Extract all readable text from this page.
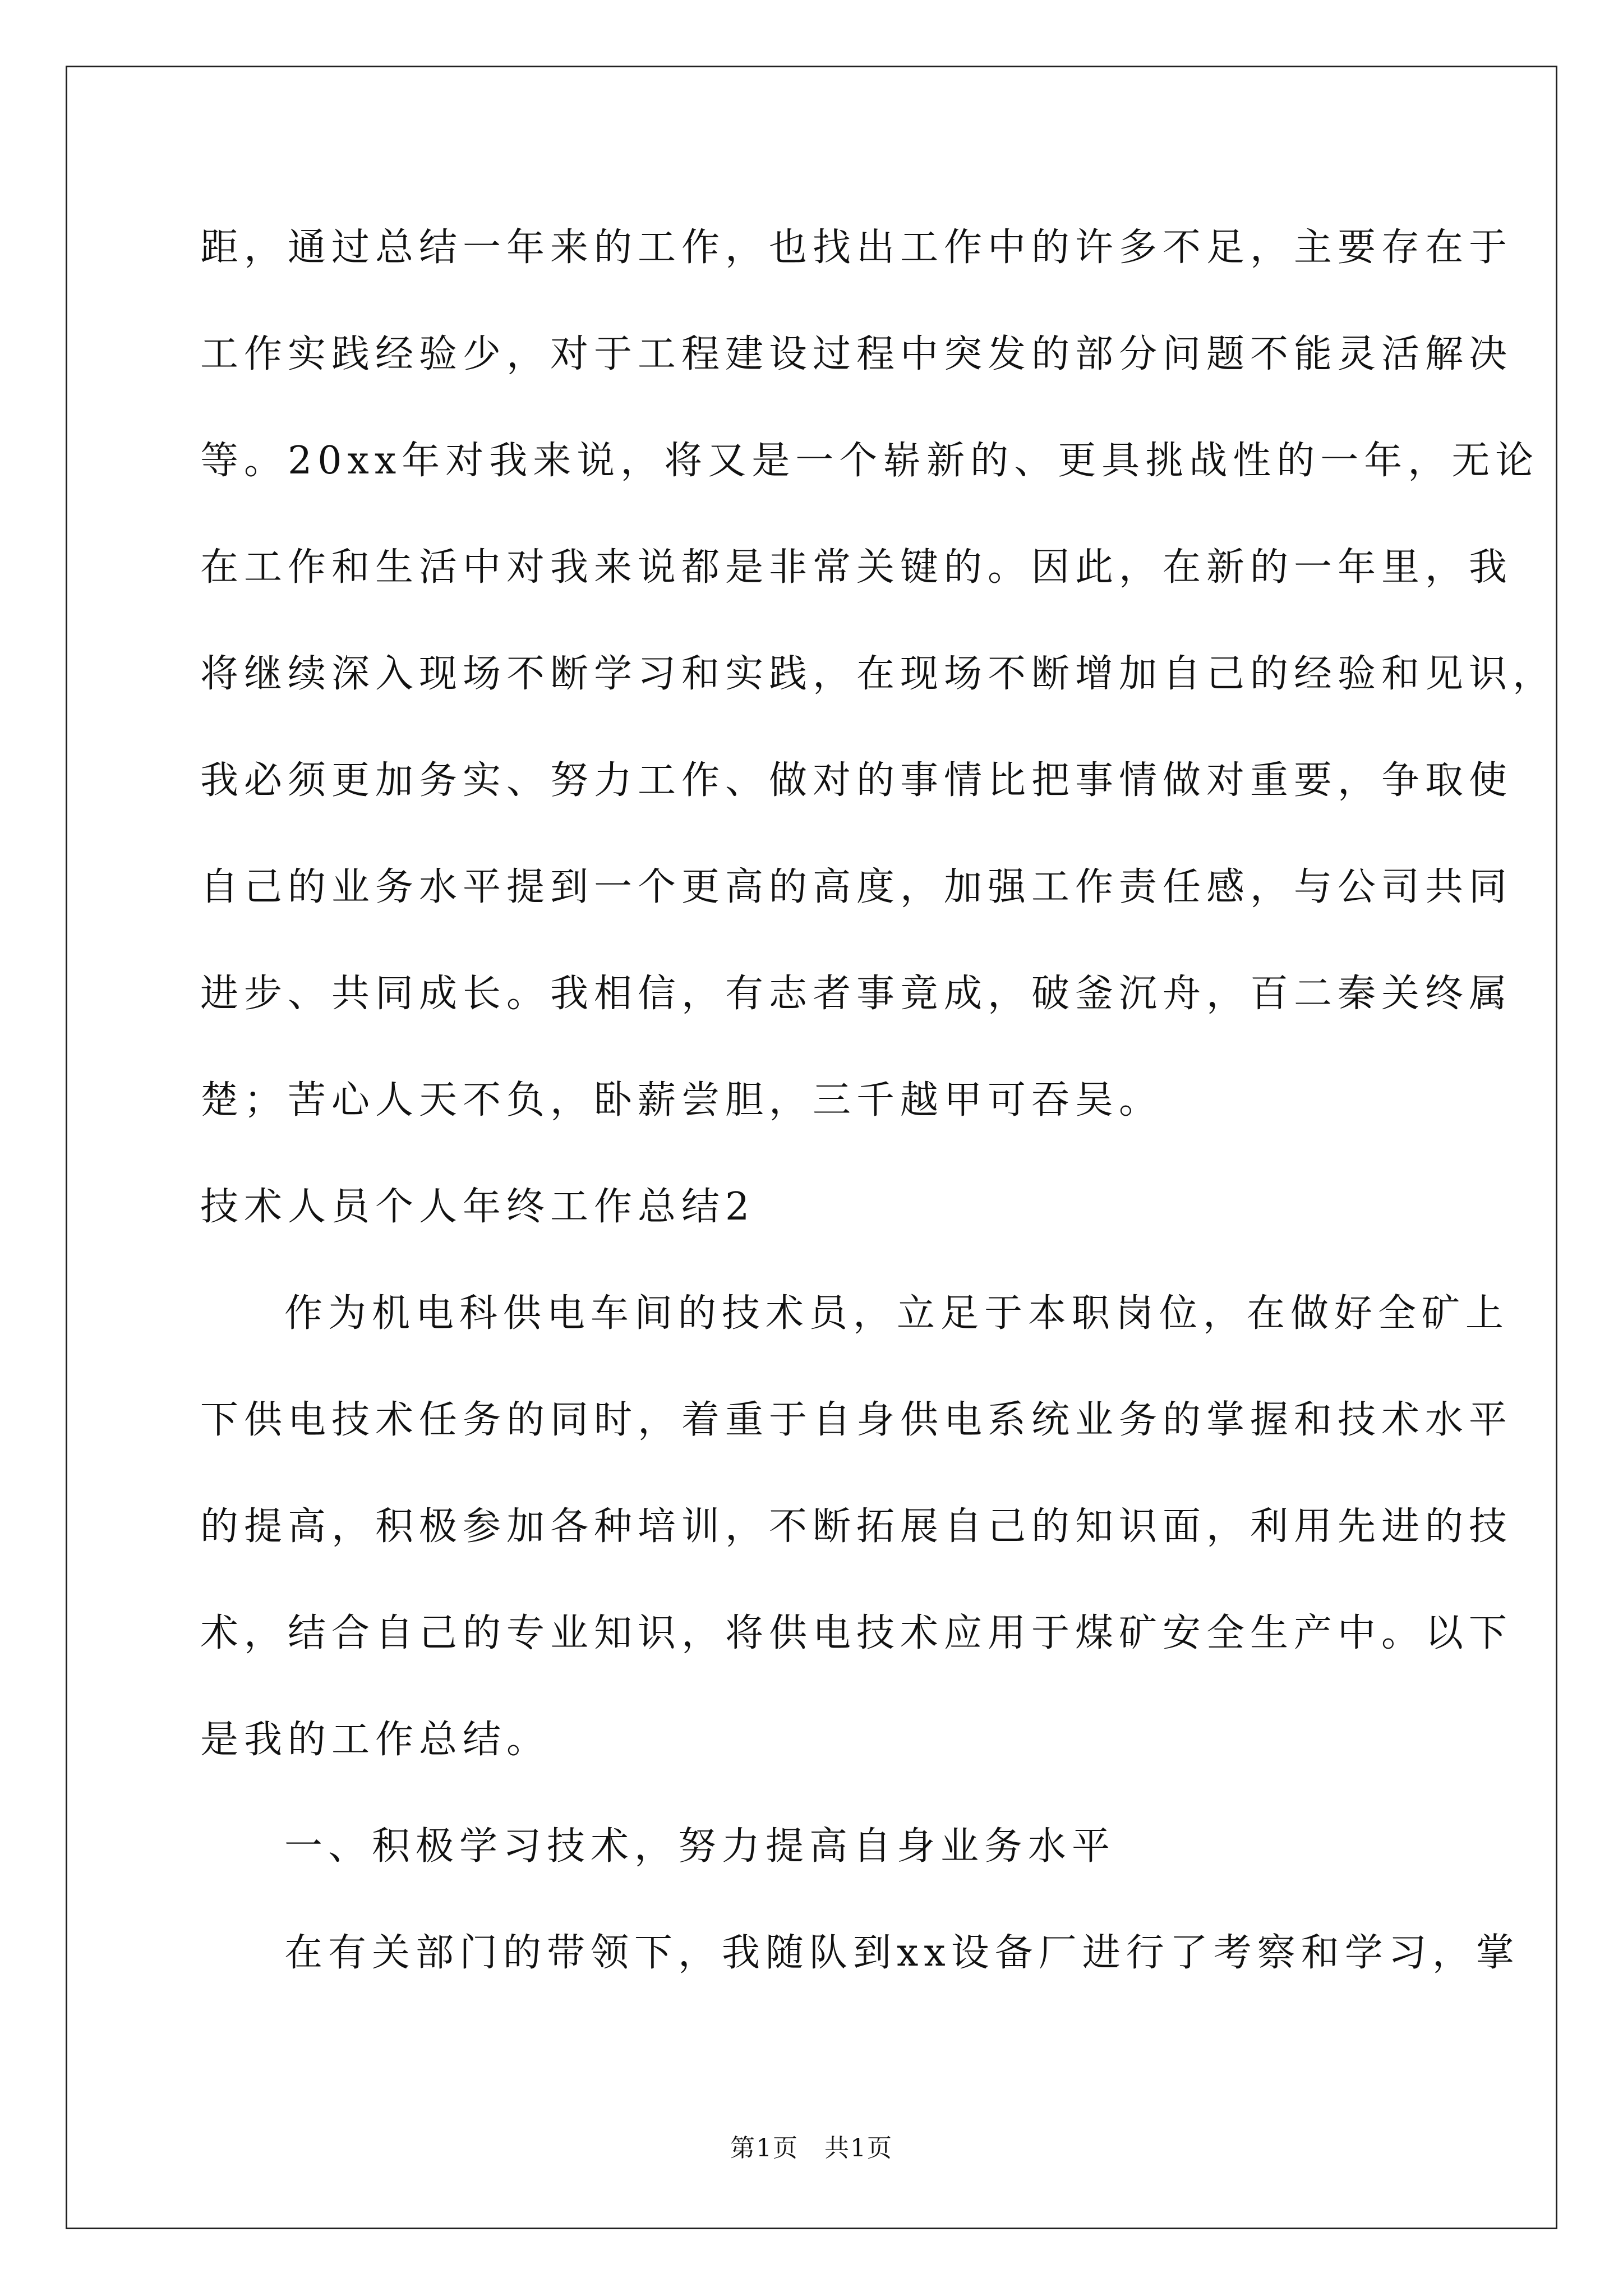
距，通过总结一年来的工作，也找出工作中的许多不足，主要存在于
工作实践经验少，对于工程建设过程中突发的部分问题不能灵活解决
等。20xx年对我来说，将又是一个崭新的、更具挑战性的一年，无论
在工作和生活中对我来说都是非常关键的。因此，在新的一年里，我
将继续深入现场不断学习和实践，在现场不断增加自己的经验和见识，
我必须更加务实、努力工作、做对的事情比把事情做对重要，争取使
自己的业务水平提到一个更高的高度，加强工作责任感，与公司共同
进步、共同成长。我相信，有志者事竟成，破釜沉舟，百二秦关终属
楚；苦心人天不负，卧薪尝胆，三千越甲可吞吴。
技术人员个人年终工作总结2
作为机电科供电车间的技术员，立足于本职岗位，在做好全矿上
下供电技术任务的同时，着重于自身供电系统业务的掌握和技术水平
的提高，积极参加各种培训，不断拓展自己的知识面，利用先进的技
术，结合自己的专业知识，将供电技术应用于煤矿安全生产中。以下
是我的工作总结。
一、积极学习技术，努力提高自身业务水平
在有关部门的带领下，我随队到xx设备厂进行了考察和学习，掌
第1页　共1页
